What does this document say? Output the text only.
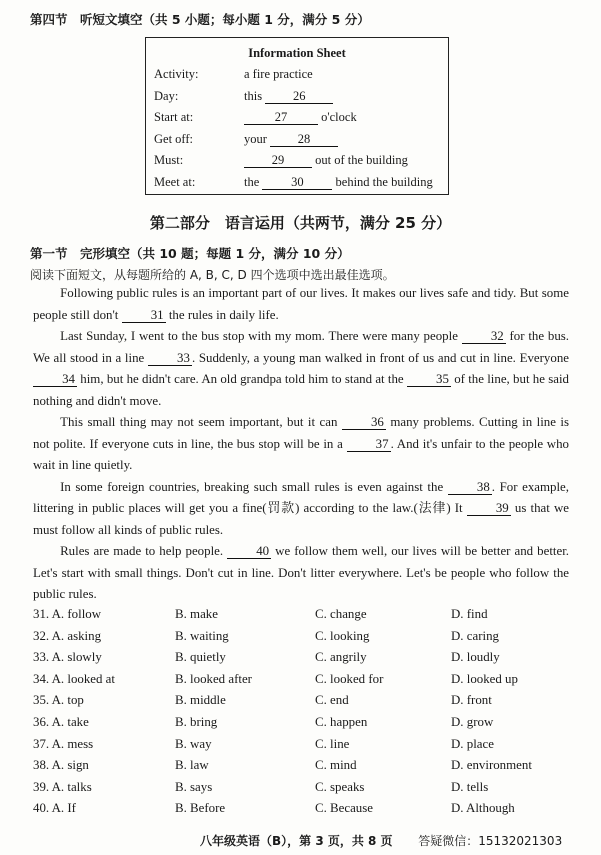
第四节　听短文填空（共 5 小题；每小题 1 分，满分 5 分）
Information Sheet
Activity:	a fire practice
Day:	this 26
Start at:	27	o'clock
Get off:	your 28
Must:	29 out of the building
Meet at:	the	30	behind the building
第二部分　语言运用（共两节，满分 25 分）
第一节　完形填空（共 10 题；每题 1 分，满分 10 分）
阅读下面短文，从每题所给的 A, B, C, D 四个选项中选出最佳选项。

Following public rules is an important part of our lives. It makes our lives safe and tidy. But some people still don't 31 the rules in daily life.

Last Sunday, I went to the bus stop with my mom. There were many people 32 for the bus. We all stood in a line 33 . Suddenly, a young man walked in front of us and cut in line. Everyone 34 him, but he didn't care. An old grandpa told him to stand at the 35 of the line, but he said nothing and didn't move.

This small thing may not seem important, but it can 36 many problems. Cutting in line is not polite. If everyone cuts in line, the bus stop will be in a 37 . And it's unfair to the people who wait in line quietly.

In some foreign countries, breaking such small rules is even against the 38 . For example, littering in public places will get you a fine(罚款) according to the law.(法律) It 39 us that we must follow all kinds of public rules.

Rules are made to help people. 40 we follow them well, our lives will be better and better. Let's start with small things. Don't cut in line. Don't litter everywhere. Let's be people who follow the public rules.

31. A. follow	B. make	C. change	D. find
32. A. asking	B. waiting	C. looking	D. caring
33. A. slowly	B. quietly	C. angrily	D. loudly
34. A. looked at	B. looked after	C. looked for	D. looked up
35. A. top	B. middle	C. end	D. front
36. A. take	B. bring	C. happen	D. grow
37. A. mess	B. way	C. line	D. place
38. A. sign	B. law	C. mind	D. environment
39. A. talks	B. says	C. speaks	D. tells
40. A. If	B. Before	C. Because	D. Although
八年级英语（B），第 3 页，共 8 页 答疑微信：15132021303
